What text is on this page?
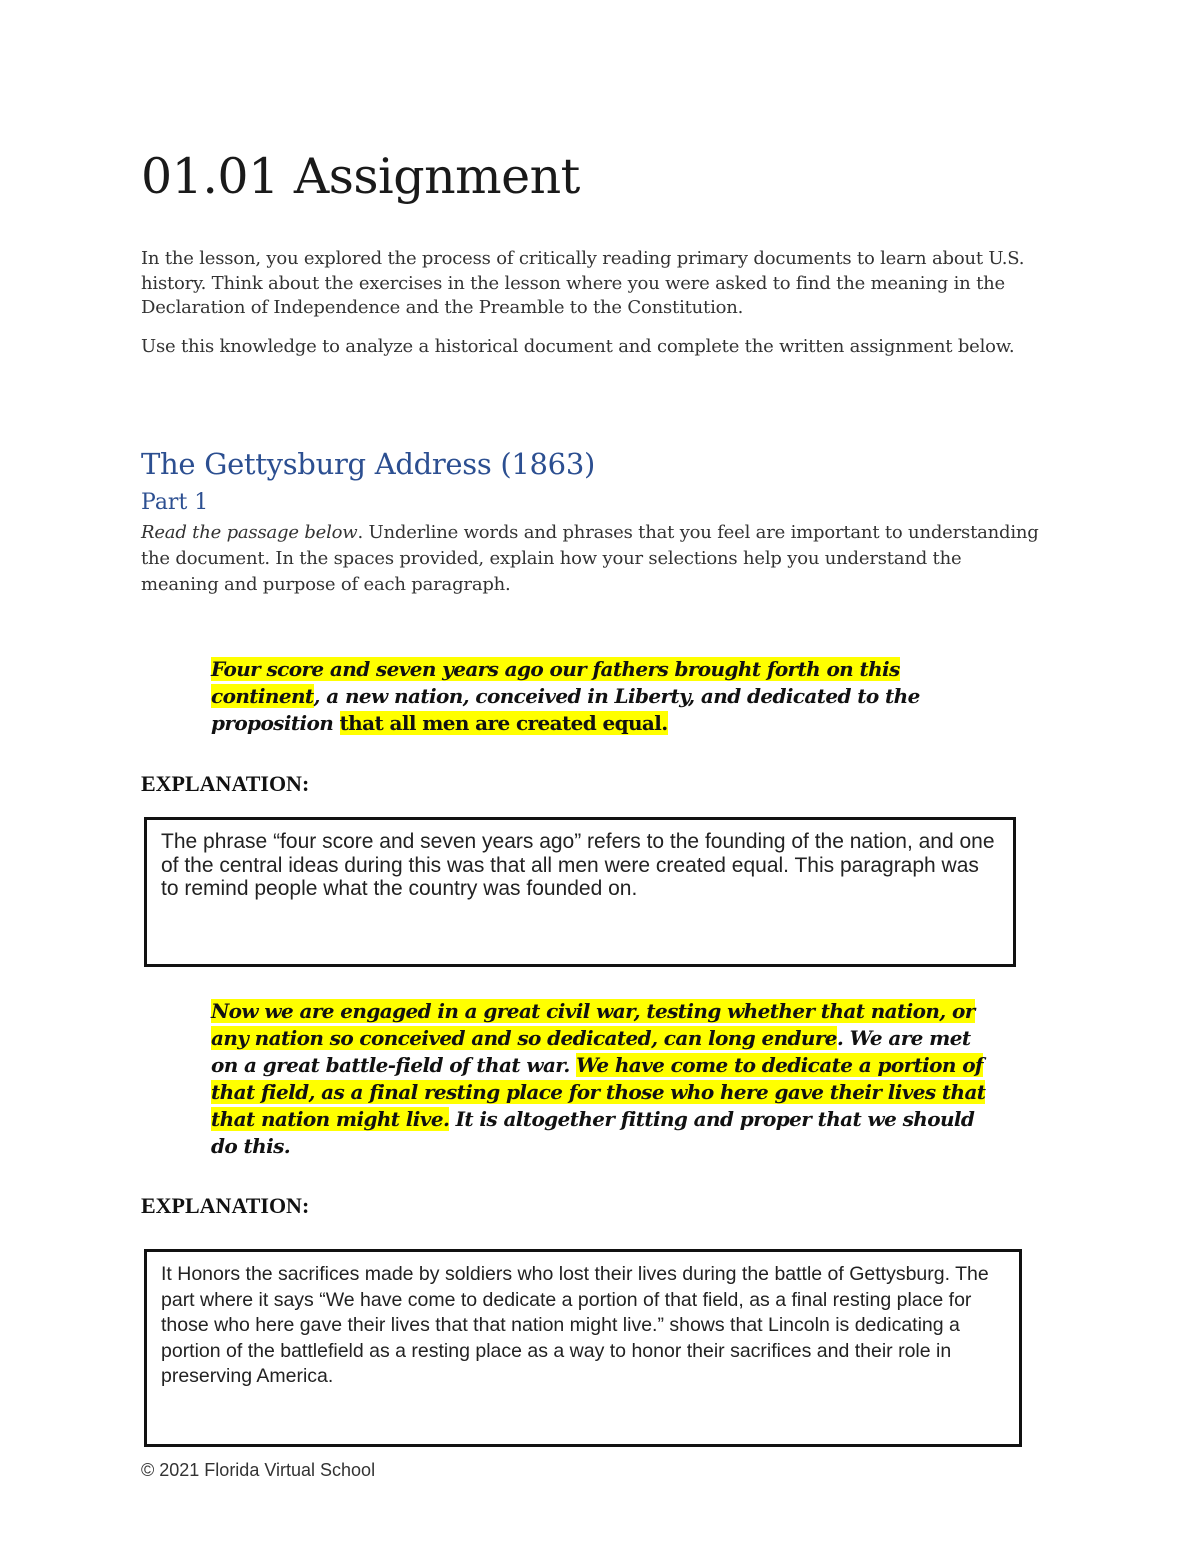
01.01 Assignment

In the lesson, you explored the process of critically reading primary documents to learn about U.S. history. Think about the exercises in the lesson where you were asked to find the meaning in the Declaration of Independence and the Preamble to the Constitution.

Use this knowledge to analyze a historical document and complete the written assignment below.

The Gettysburg Address (1863)
Part 1

Read the passage below. Underline words and phrases that you feel are important to understanding the document. In the spaces provided, explain how your selections help you understand the meaning and purpose of each paragraph.

Four score and seven years ago our fathers brought forth on this continent, a new nation, conceived in Liberty, and dedicated to the proposition that all men are created equal.

EXPLANATION:

The phrase “four score and seven years ago” refers to the founding of the nation, and one of the central ideas during this was that all men were created equal. This paragraph was to remind people what the country was founded on.

Now we are engaged in a great civil war, testing whether that nation, or any nation so conceived and so dedicated, can long endure. We are met on a great battle-field of that war. We have come to dedicate a portion of that field, as a final resting place for those who here gave their lives that that nation might live. It is altogether fitting and proper that we should do this.

EXPLANATION:

It Honors the sacrifices made by soldiers who lost their lives during the battle of Gettysburg. The part where it says “We have come to dedicate a portion of that field, as a final resting place for those who here gave their lives that that nation might live.” shows that Lincoln is dedicating a portion of the battlefield as a resting place as a way to honor their sacrifices and their role in preserving America.

© 2021 Florida Virtual School
